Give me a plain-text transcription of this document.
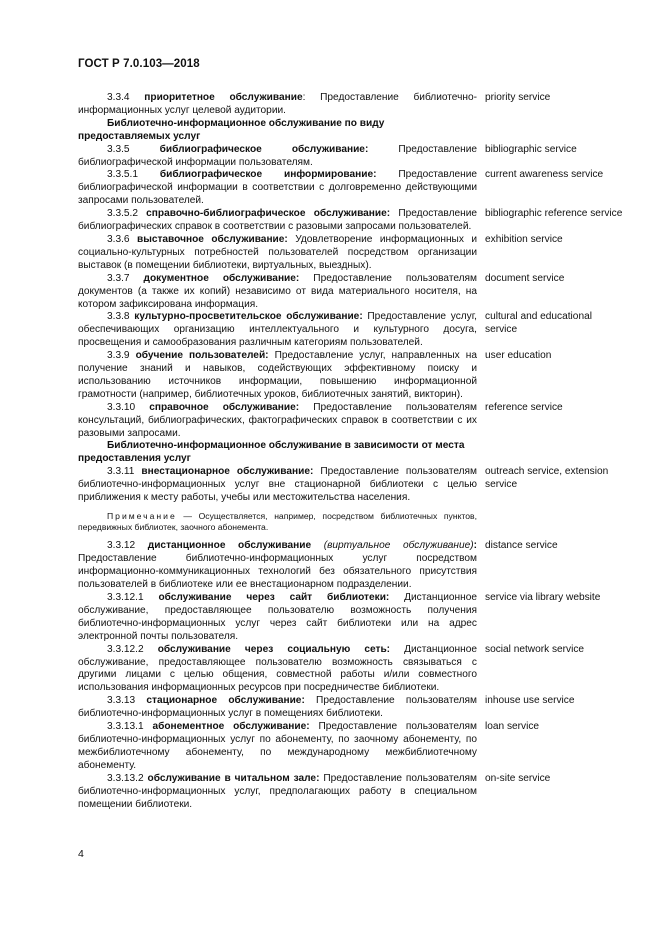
ГОСТ Р 7.0.103—2018
3.3.4 приоритетное обслуживание: Предоставление библиотечно-информационных услуг целевой аудитории.
priority service
Библиотечно-информационное обслуживание по виду предоставляемых услуг
3.3.5	библиографическое обслуживание: Предоставление библиографической информации пользователям.
bibliographic service
3.3.5.1 библиографическое информирование: Предоставление библиографической информации в соответствии с долговременно действующими запросами пользователей.
current awareness service
3.3.5.2 справочно-библиографическое обслуживание: Предоставление библиографических справок в соответствии с разовыми запросами пользователей.
bibliographic reference service
3.3.6 выставочное обслуживание: Удовлетворение информационных и социально-культурных потребностей пользователей посредством организации выставок (в помещении библиотеки, виртуальных, выездных).
exhibition service
3.3.7 документное обслуживание: Предоставление пользователям документов (а также их копий) независимо от вида материального носителя, на котором зафиксирована информация.
document service
3.3.8 культурно-просветительское обслуживание: Предоставление услуг, обеспечивающих организацию интеллектуального и культурного досуга, просвещения и самообразования различным категориям пользователей.
cultural and educational service
3.3.9 обучение пользователей: Предоставление услуг, направленных на получение знаний и навыков, содействующих эффективному поиску и использованию источников информации, повышению информационной грамотности (например, библиотечных уроков, библиотечных занятий, викторин).
user education
3.3.10 справочное обслуживание: Предоставление пользователям консультаций, библиографических, фактографических справок в соответствии с их разовыми запросами.
reference service
Библиотечно-информационное обслуживание в зависимости от места предоставления услуг
3.3.11 внестационарное обслуживание: Предоставление пользователям библиотечно-информационных услуг вне стационарной библиотеки с целью приближения к месту работы, учебы или местожительства населения.
outreach service, extension service
Примечание — Осуществляется, например, посредством библиотечных пунктов, передвижных библиотек, заочного абонемента.
3.3.12 дистанционное обслуживание (виртуальное обслуживание): Предоставление библиотечно-информационных услуг посредством информационно-коммуникационных технологий без обязательного присутствия пользователей в библиотеке или ее внестационарном подразделении.
distance service
3.3.12.1 обслуживание через сайт библиотеки: Дистанционное обслуживание, предоставляющее пользователю возможность получения библиотечно-информационных услуг через сайт библиотеки или на адрес электронной почты пользователя.
service via library website
3.3.12.2 обслуживание через социальную сеть: Дистанционное обслуживание, предоставляющее пользователю возможность связываться с другими лицами с целью общения, совместной работы и/или совместного использования информационных ресурсов при посредничестве библиотеки.
social network service
3.3.13 стационарное обслуживание: Предоставление пользователям библиотечно-информационных услуг в помещениях библиотеки.
inhouse use service
3.3.13.1 абонементное обслуживание: Предоставление пользователям библиотечно-информационных услуг по абонементу, по заочному абонементу, по межбиблиотечному абонементу, по международному межбиблиотечному абонементу.
loan service
3.3.13.2 обслуживание в читальном зале: Предоставление пользователям библиотечно-информационных услуг, предполагающих работу в специальном помещении библиотеки.
on-site service
4
